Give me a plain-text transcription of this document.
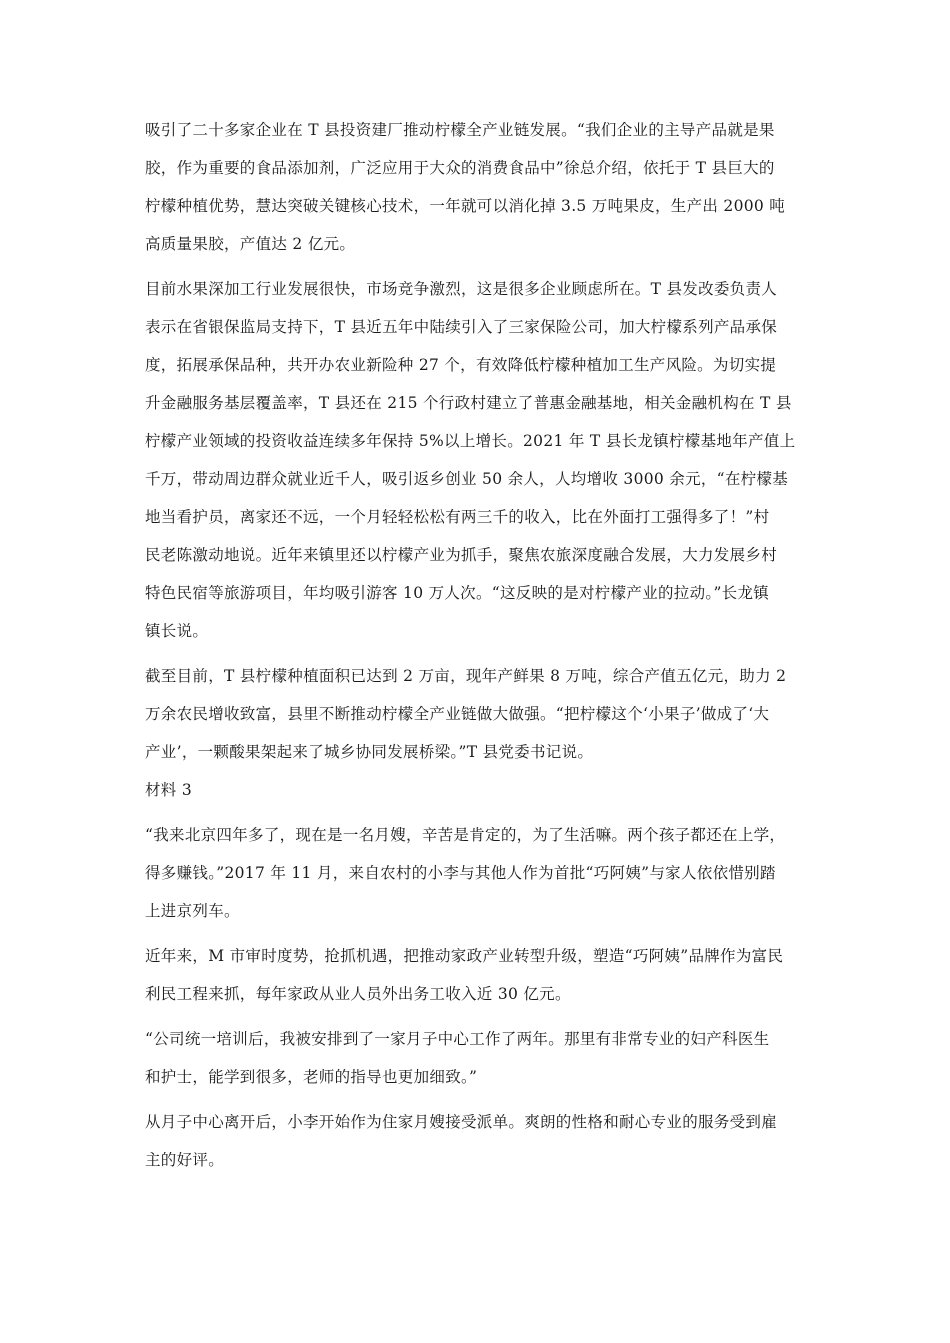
吸引了二十多家企业在 T 县投资建厂推动柠檬全产业链发展。“我们企业的主导产品就是果
胶，作为重要的食品添加剂，广泛应用于大众的消费食品中”徐总介绍，依托于 T 县巨大的
柠檬种植优势，慧达突破关键核心技术，一年就可以消化掉 3.5 万吨果皮，生产出 2000 吨
高质量果胶，产值达 2 亿元。
目前水果深加工行业发展很快，市场竞争激烈，这是很多企业顾虑所在。T 县发改委负责人
表示在省银保监局支持下，T 县近五年中陆续引入了三家保险公司，加大柠檬系列产品承保
度，拓展承保品种，共开办农业新险种 27 个，有效降低柠檬种植加工生产风险。为切实提
升金融服务基层覆盖率，T 县还在 215 个行政村建立了普惠金融基地，相关金融机构在 T 县
柠檬产业领域的投资收益连续多年保持 5%以上增长。2021 年 T 县长龙镇柠檬基地年产值上
千万，带动周边群众就业近千人，吸引返乡创业 50 余人，人均增收 3000 余元，“在柠檬基
地当看护员，离家还不远，一个月轻轻松松有两三千的收入，比在外面打工强得多了！”村
民老陈激动地说。近年来镇里还以柠檬产业为抓手，聚焦农旅深度融合发展，大力发展乡村
特色民宿等旅游项目，年均吸引游客 10 万人次。“这反映的是对柠檬产业的拉动。”长龙镇
镇长说。
截至目前，T 县柠檬种植面积已达到 2 万亩，现年产鲜果 8 万吨，综合产值五亿元，助力 2
万余农民增收致富，县里不断推动柠檬全产业链做大做强。“把柠檬这个‘小果子’做成了‘大
产业’，一颗酸果架起来了城乡协同发展桥梁。”T 县党委书记说。
材料 3
“我来北京四年多了，现在是一名月嫂，辛苦是肯定的，为了生活嘛。两个孩子都还在上学，
得多赚钱。”2017 年 11 月，来自农村的小李与其他人作为首批“巧阿姨”与家人依依惜别踏
上进京列车。
近年来，M 市审时度势，抢抓机遇，把推动家政产业转型升级，塑造“巧阿姨”品牌作为富民
利民工程来抓，每年家政从业人员外出务工收入近 30 亿元。
“公司统一培训后，我被安排到了一家月子中心工作了两年。那里有非常专业的妇产科医生
和护士，能学到很多，老师的指导也更加细致。”
从月子中心离开后，小李开始作为住家月嫂接受派单。爽朗的性格和耐心专业的服务受到雇
主的好评。
